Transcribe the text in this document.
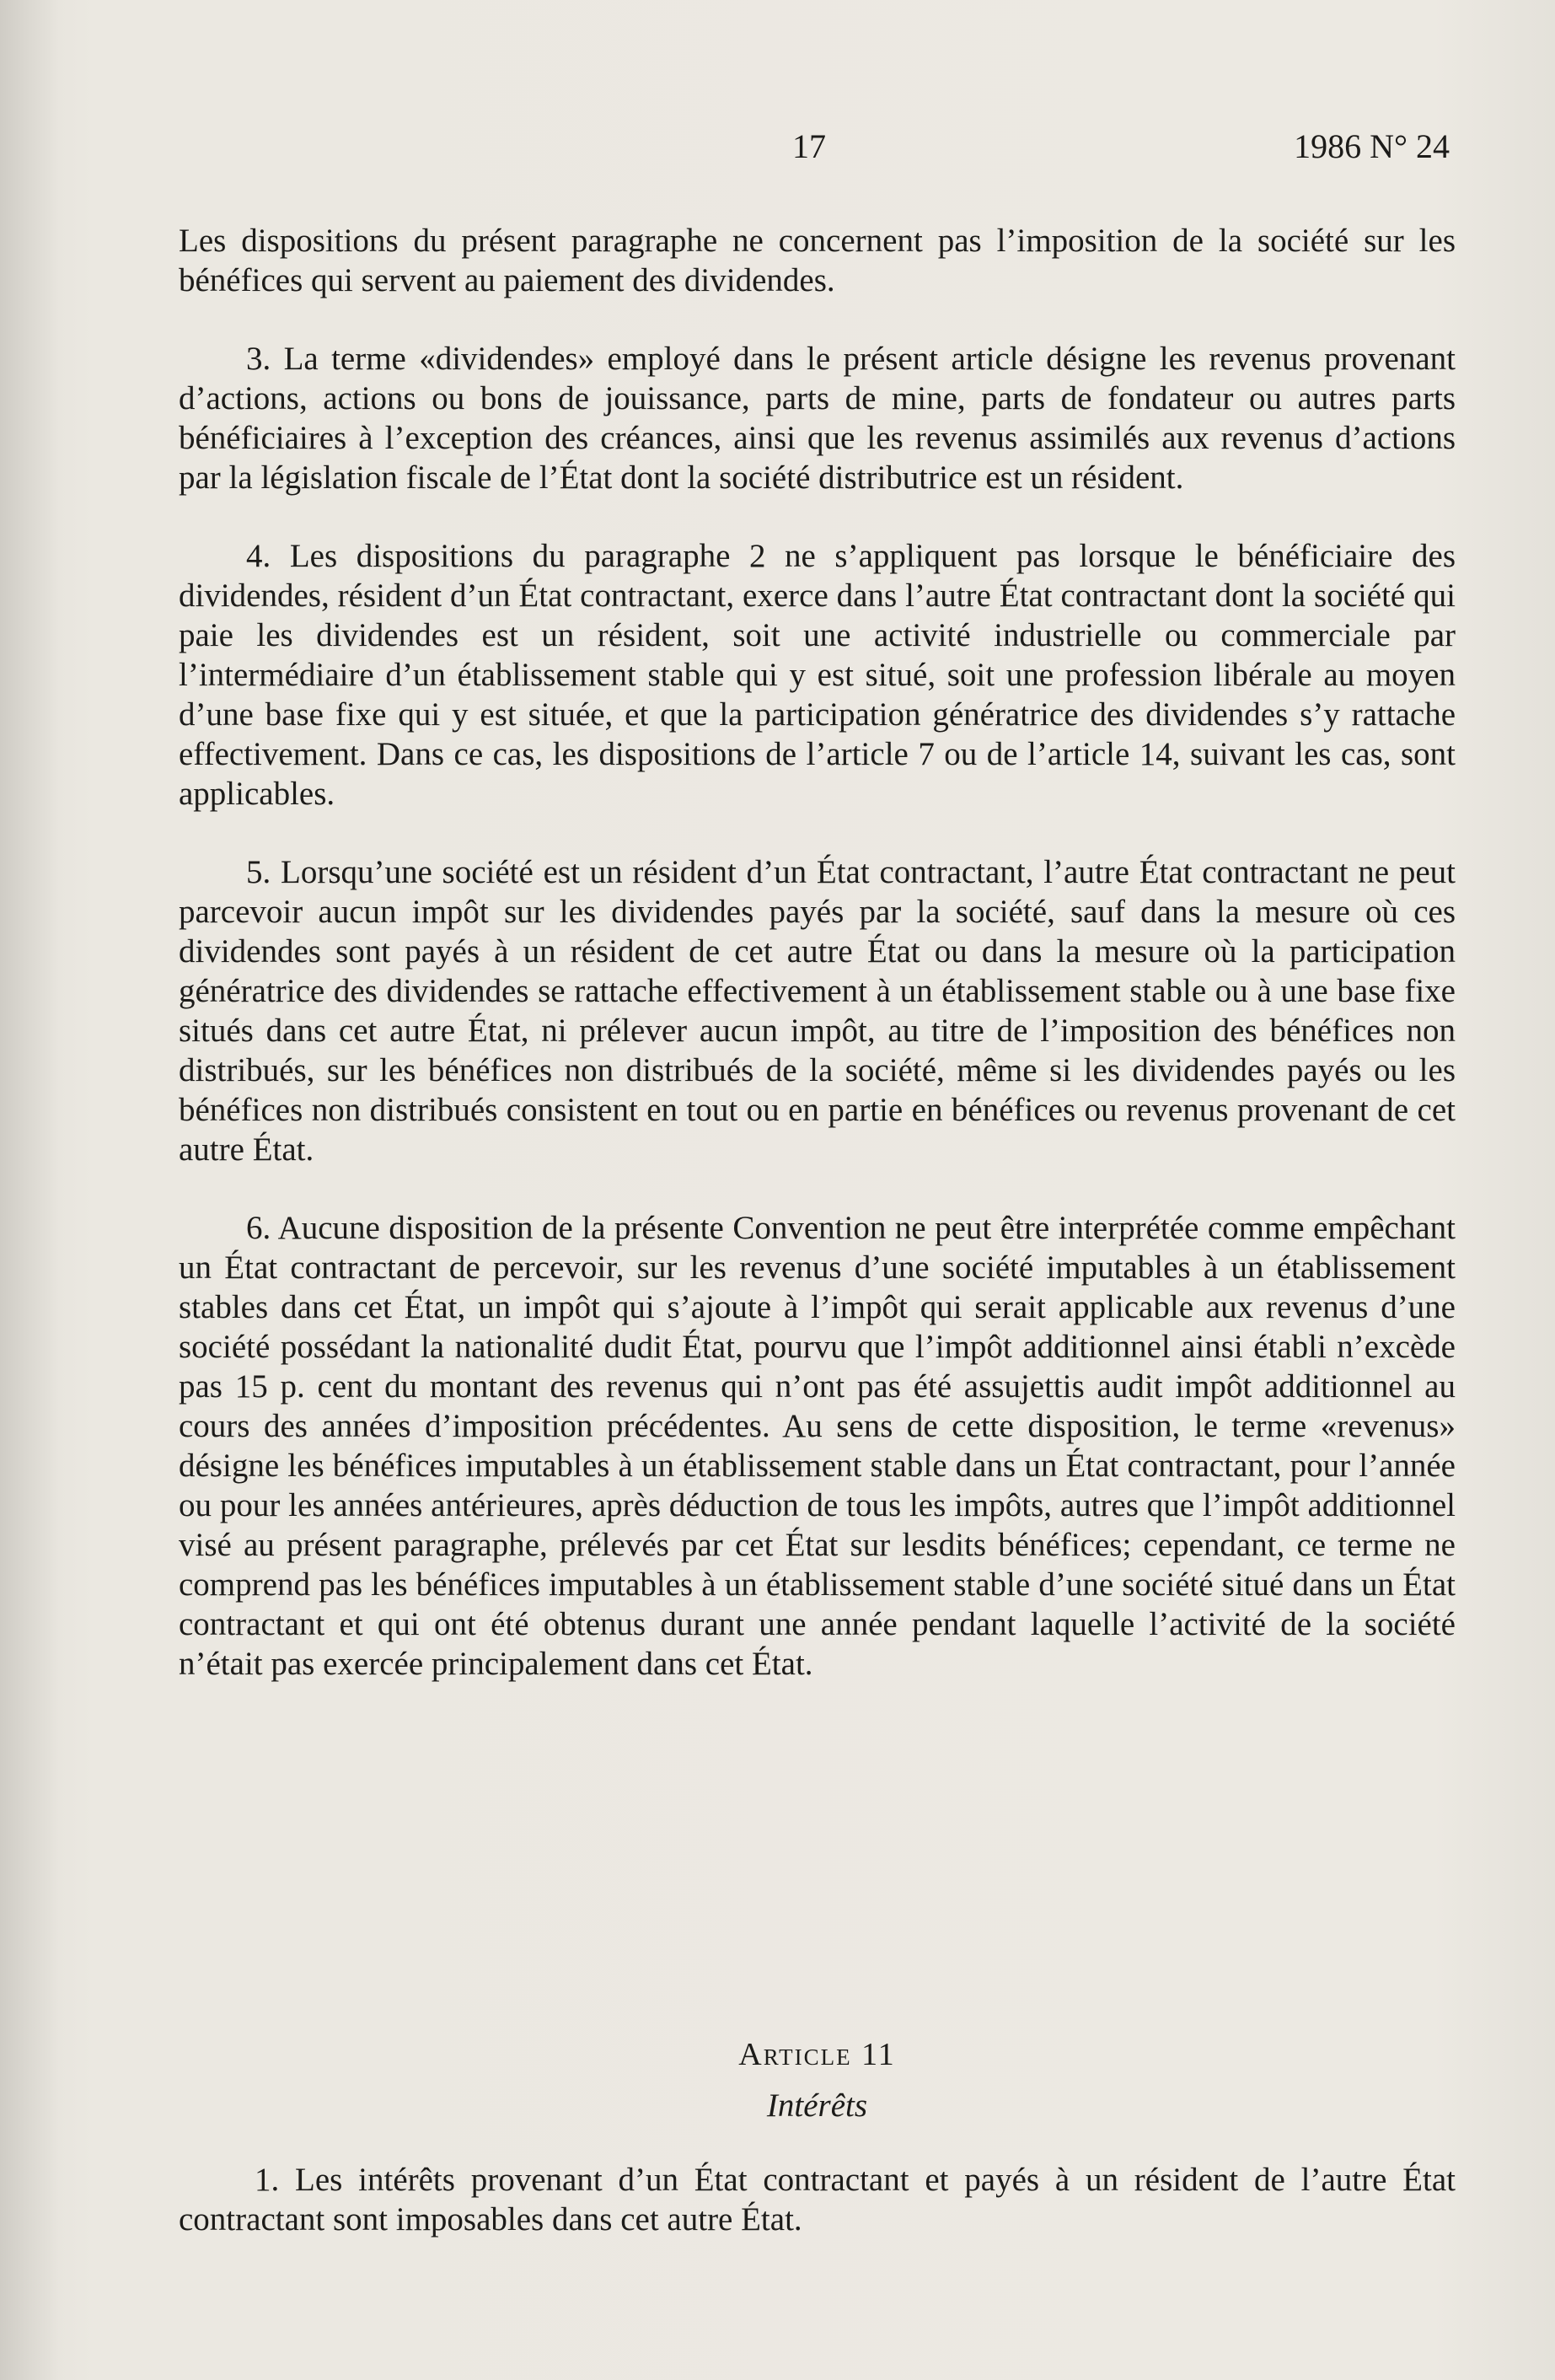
17	1986 N° 24

Les dispositions du présent paragraphe ne concernent pas l’imposition de la société sur les bénéfices qui servent au paiement des dividendes.

3. La terme «dividendes» employé dans le présent article désigne les revenus provenant d’actions, actions ou bons de jouissance, parts de mine, parts de fondateur ou autres parts bénéficiaires à l’exception des créances, ainsi que les revenus assimilés aux revenus d’actions par la législation fiscale de l’État dont la société distributrice est un résident.

4. Les dispositions du paragraphe 2 ne s’appliquent pas lorsque le bénéficiaire des dividendes, résident d’un État contractant, exerce dans l’autre État contractant dont la société qui paie les dividendes est un résident, soit une activité industrielle ou commerciale par l’intermédiaire d’un établissement stable qui y est situé, soit une profession libérale au moyen d’une base fixe qui y est située, et que la participation génératrice des dividendes s’y rattache effectivement. Dans ce cas, les dispositions de l’article 7 ou de l’article 14, suivant les cas, sont applicables.

5. Lorsqu’une société est un résident d’un État contractant, l’autre État contractant ne peut parcevoir aucun impôt sur les dividendes payés par la société, sauf dans la mesure où ces dividendes sont payés à un résident de cet autre État ou dans la mesure où la participation génératrice des dividendes se rattache effectivement à un établissement stable ou à une base fixe situés dans cet autre État, ni prélever aucun impôt, au titre de l’imposition des bénéfices non distribués, sur les bénéfices non distribués de la société, même si les dividendes payés ou les bénéfices non distribués consistent en tout ou en partie en bénéfices ou revenus provenant de cet autre État.

6. Aucune disposition de la présente Convention ne peut être interprétée comme empêchant un État contractant de percevoir, sur les revenus d’une société imputables à un établissement stables dans cet État, un impôt qui s’ajoute à l’impôt qui serait applicable aux revenus d’une société possédant la nationalité dudit État, pourvu que l’impôt additionnel ainsi établi n’excède pas 15 p. cent du montant des revenus qui n’ont pas été assujettis audit impôt additionnel au cours des années d’imposition précédentes. Au sens de cette disposition, le terme «revenus» désigne les bénéfices imputables à un établissement stable dans un État contractant, pour l’année ou pour les années antérieures, après déduction de tous les impôts, autres que l’impôt additionnel visé au présent paragraphe, prélevés par cet État sur lesdits bénéfices; cependant, ce terme ne comprend pas les bénéfices imputables à un établissement stable d’une société situé dans un État contractant et qui ont été obtenus durant une année pendant laquelle l’activité de la société n’était pas exercée principalement dans cet État.

Article 11
Intérêts

1. Les intérêts provenant d’un État contractant et payés à un résident de l’autre État contractant sont imposables dans cet autre État.
